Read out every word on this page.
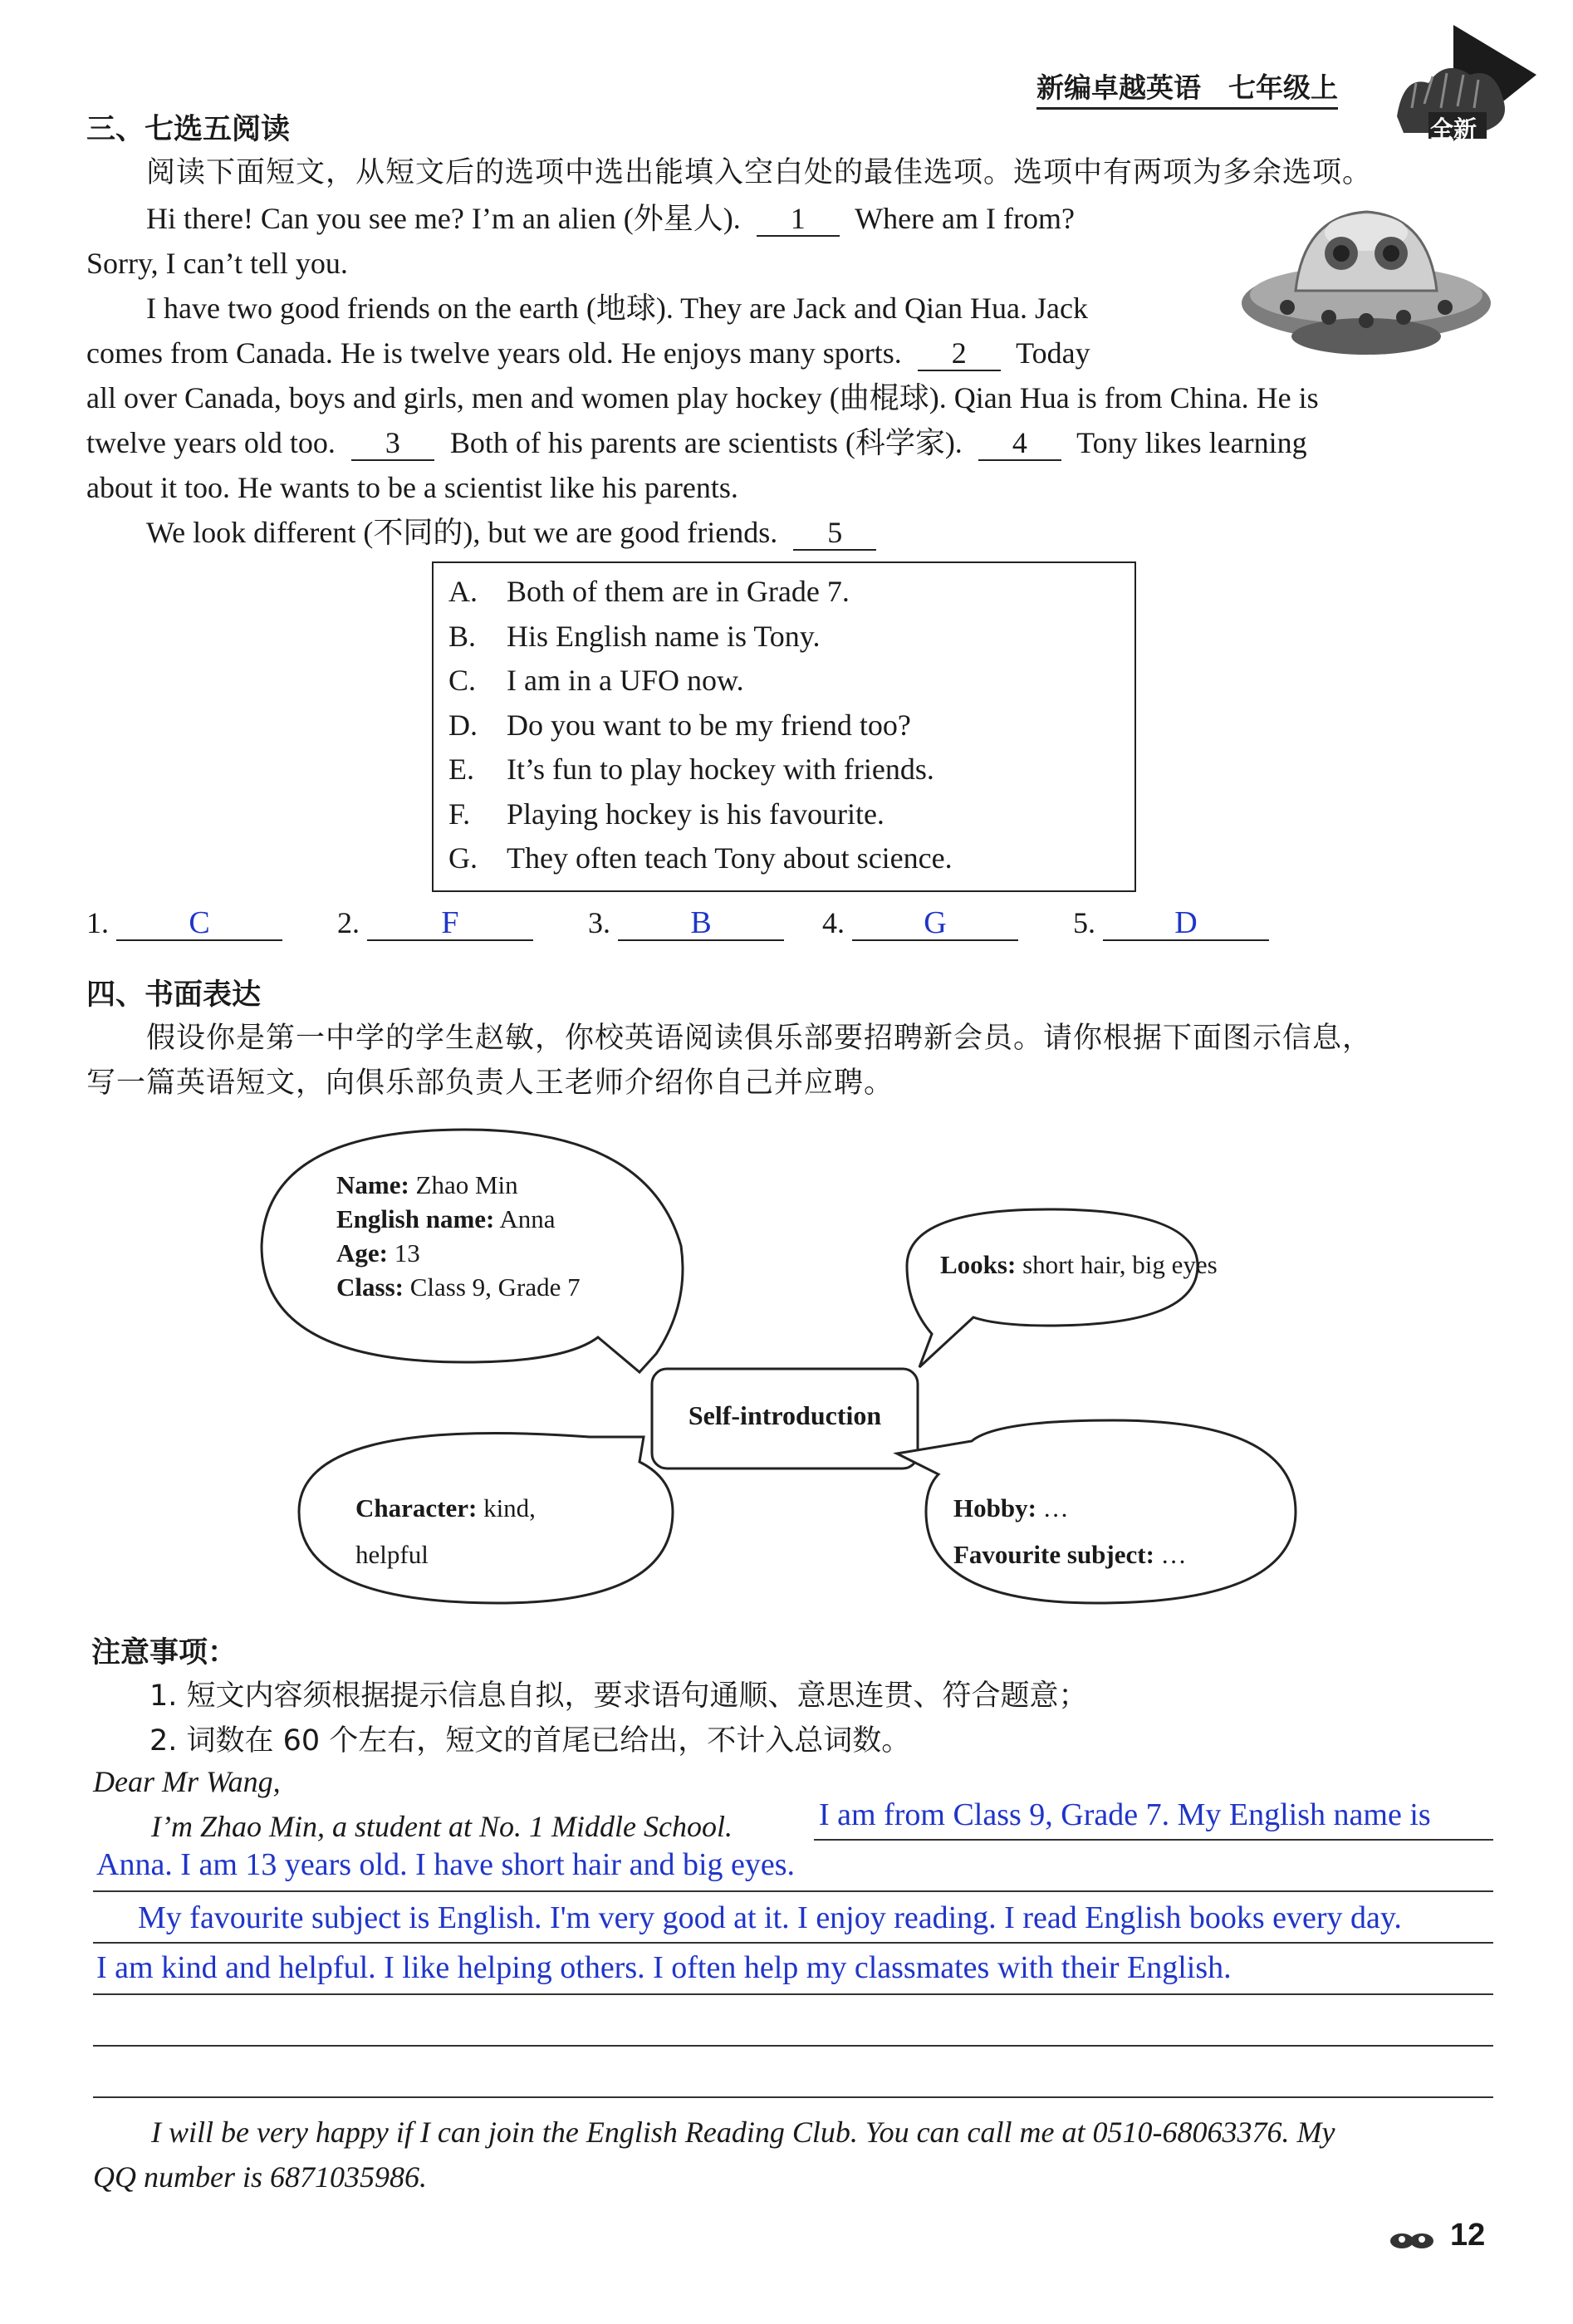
新编卓越英语　七年级上
全新
三、七选五阅读
阅读下面短文，从短文后的选项中选出能填入空白处的最佳选项。选项中有两项为多余选项。
Hi there! Can you see me? I’m an alien (外星人). 1 Where am I from?
Sorry, I can’t tell you.
I have two good friends on the earth (地球). They are Jack and Qian Hua. Jack
comes from Canada. He is twelve years old. He enjoys many sports. 2 Today
all over Canada, boys and girls, men and women play hockey (曲棍球). Qian Hua is from China. He is
twelve years old too. 3 Both of his parents are scientists (科学家). 4 Tony likes learning
about it too. He wants to be a scientist like his parents.
We look different (不同的), but we are good friends. 5
A. Both of them are in Grade 7.
B. His English name is Tony.
C. I am in a UFO now.
D. Do you want to be my friend too?
E. It’s fun to play hockey with friends.
F. Playing hockey is his favourite.
G. They often teach Tony about science.
1.	C	2.	F	3.	B	4.	G	5.	D
四、书面表达
假设你是第一中学的学生赵敏，你校英语阅读俱乐部要招聘新会员。请你根据下面图示信息，
写一篇英语短文，向俱乐部负责人王老师介绍你自己并应聘。
Name: Zhao Min
English name: Anna
Age: 13
Class: Class 9, Grade 7
Looks: short hair, big eyes
Self-introduction
Character: kind,
helpful
Hobby: …
Favourite subject: …
注意事项：
1. 短文内容须根据提示信息自拟，要求语句通顺、意思连贯、符合题意；
2. 词数在 60 个左右，短文的首尾已给出，不计入总词数。
Dear Mr Wang,
I’m Zhao Min, a student at No. 1 Middle School.	I am from Class 9, Grade 7. My English name is
Anna. I am 13 years old. I have short hair and big eyes.
My favourite subject is English. I'm very good at it. I enjoy reading. I read English books every day.
I am kind and helpful. I like helping others. I often help my classmates with their English.
I will be very happy if I can join the English Reading Club. You can call me at 0510-68063376. My
QQ number is 6871035986.
12
